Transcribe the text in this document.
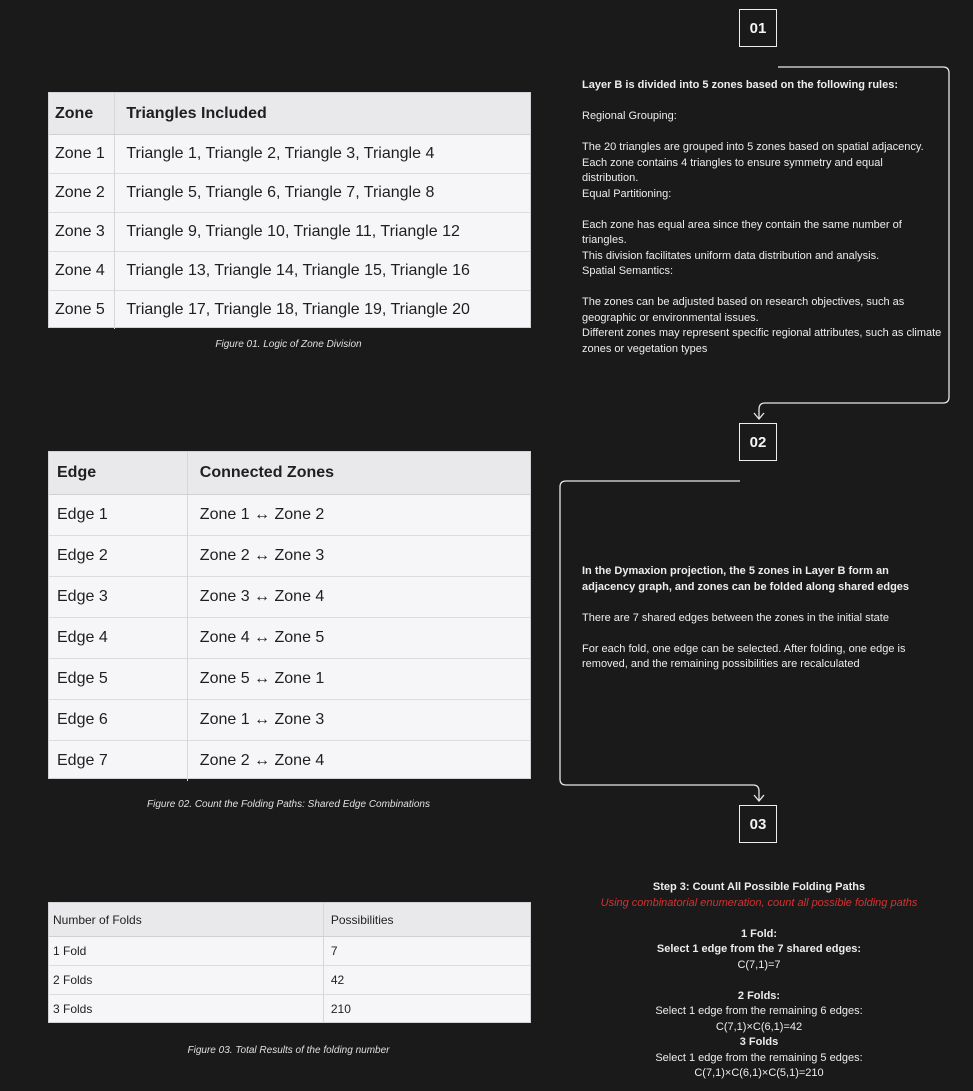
Zone	Triangles Included
Zone 1	Triangle 1, Triangle 2, Triangle 3, Triangle 4
Zone 2	Triangle 5, Triangle 6, Triangle 7, Triangle 8
Zone 3	Triangle 9, Triangle 10, Triangle 11, Triangle 12
Zone 4	Triangle 13, Triangle 14, Triangle 15, Triangle 16
Zone 5	Triangle 17, Triangle 18, Triangle 19, Triangle 20
Figure 01. Logic of Zone Division
Edge	Connected Zones
Edge 1	Zone 1 ↔ Zone 2
Edge 2	Zone 2 ↔ Zone 3
Edge 3	Zone 3 ↔ Zone 4
Edge 4	Zone 4 ↔ Zone 5
Edge 5	Zone 5 ↔ Zone 1
Edge 6	Zone 1 ↔ Zone 3
Edge 7	Zone 2 ↔ Zone 4
Figure 02. Count the Folding Paths: Shared Edge Combinations
Number of Folds	Possibilities
1 Fold	7
2 Folds	42
3 Folds	210
Figure 03. Total Results of the folding number
01
02
03

Layer B is divided into 5 zones based on the following rules:

Regional Grouping:

The 20 triangles are grouped into 5 zones based on spatial adjacency.

Each zone contains 4 triangles to ensure symmetry and equal distribution.

Equal Partitioning:

Each zone has equal area since they contain the same number of triangles.

This division facilitates uniform data distribution and analysis.

Spatial Semantics:

The zones can be adjusted based on research objectives, such as geographic or environmental issues.

Different zones may represent specific regional attributes, such as climate zones or vegetation types

In the Dymaxion projection, the 5 zones in Layer B form an adjacency graph, and zones can be folded along shared edges

There are 7 shared edges between the zones in the initial state

For each fold, one edge can be selected. After folding, one edge is removed, and the remaining possibilities are recalculated

Step 3: Count All Possible Folding Paths

Using combinatorial enumeration, count all possible folding paths

1 Fold:

Select 1 edge from the 7 shared edges:

C(7,1)=7

2 Folds:

Select 1 edge from the remaining 6 edges:

C(7,1)×C(6,1)=42

3 Folds

Select 1 edge from the remaining 5 edges:

C(7,1)×C(6,1)×C(5,1)=210
